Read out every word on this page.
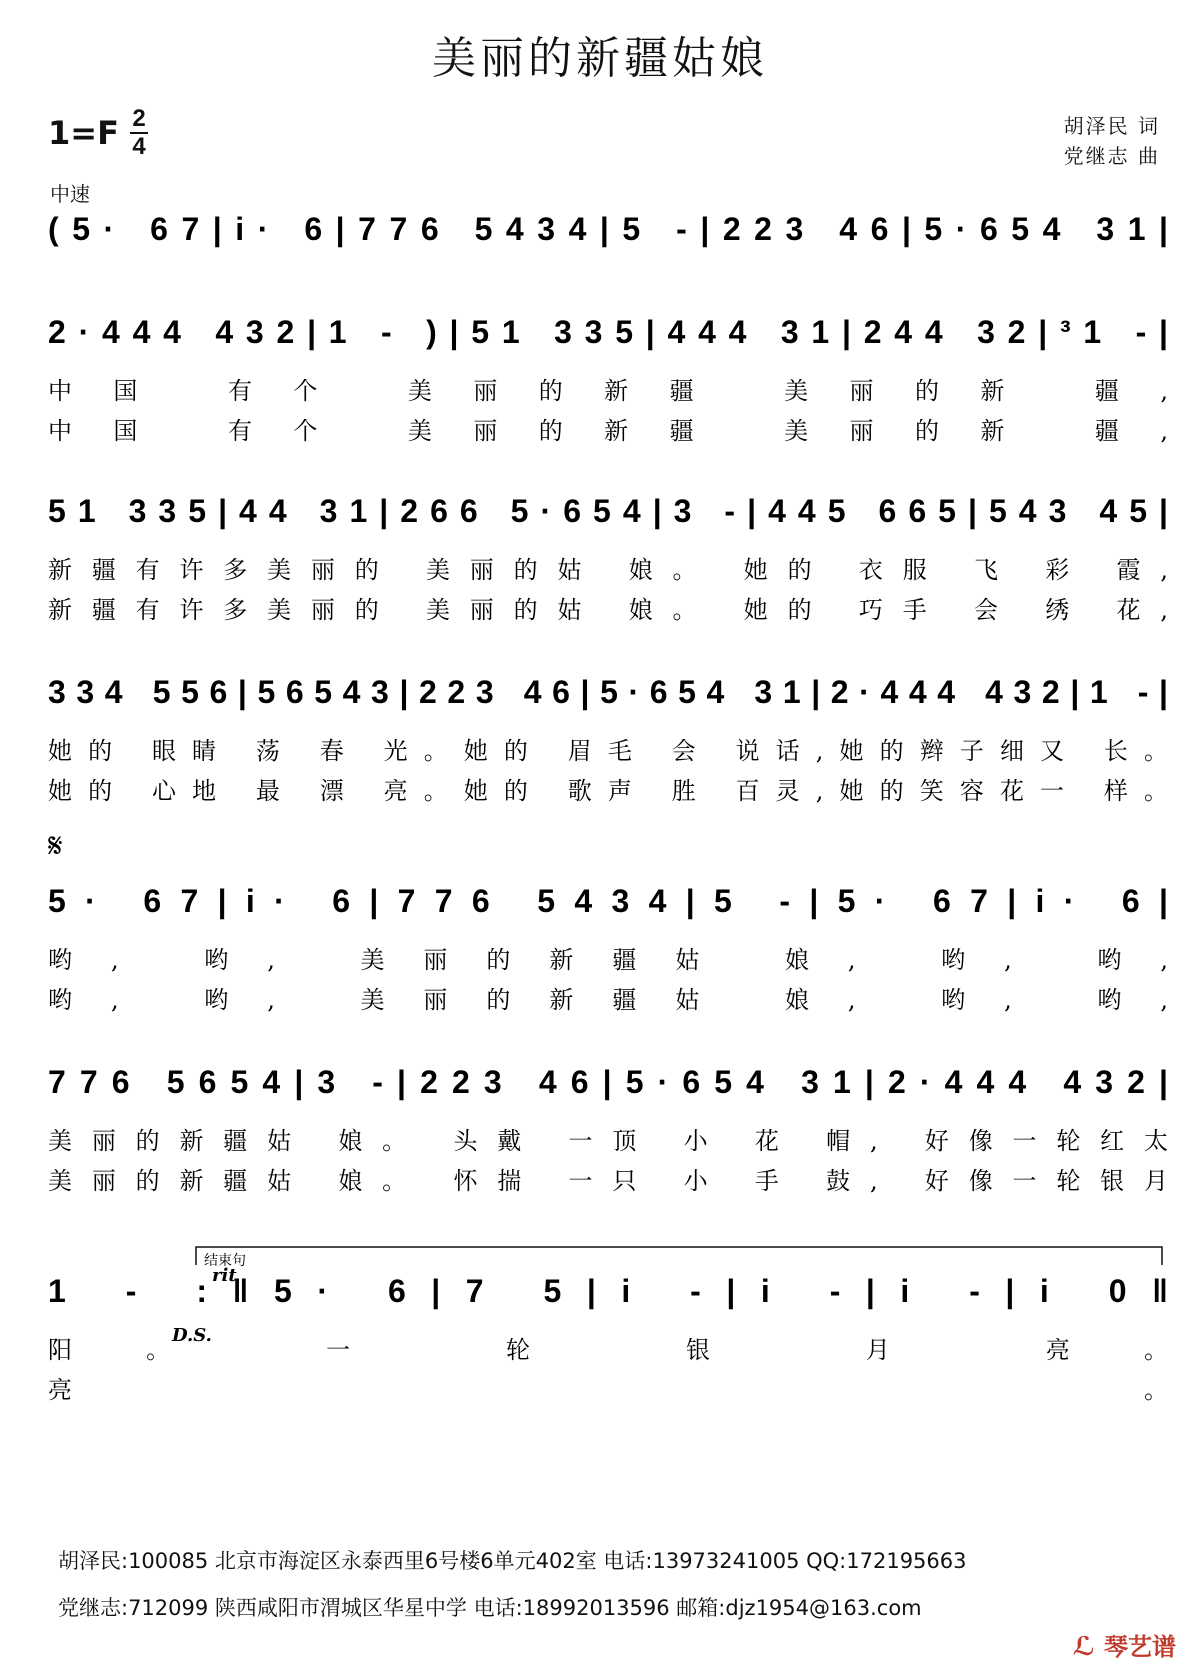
美丽的新疆姑娘
1=F 2
4
中速
胡泽民 词
党继志 曲
(5· 67|i· 6|776 5434|5 -|223 46|5·654 31|
2·444 432|1 - )|51 335|444 31|244 32|³1 -|
中国 有个 美丽的新疆 美丽的新 疆,
中国 有个 美丽的新疆 美丽的新 疆,
51 335|44 31|266 5·654|3 -|445 665|543 45|
新疆有许多美丽的 美丽的姑 娘。 她的 衣服 飞 彩 霞,
新疆有许多美丽的 美丽的姑 娘。 她的 巧手 会 绣 花,
334 556|56543|223 46|5·654 31|2·444 432|1 -|
她的 眼睛 荡 春 光。她的 眉毛 会 说话,她的辫子细又 长。
她的 心地 最 漂 亮。她的 歌声 胜 百灵,她的笑容花一 样。
𝄋
5· 67|i· 6|776 5434|5 -|5· 67|i· 6|
哟, 哟, 美丽的新疆姑 娘, 哟, 哟,
哟, 哟, 美丽的新疆姑 娘, 哟, 哟,
776 5654|3 -|223 46|5·654 31|2·444 432|
美丽的新疆姑 娘。 头戴 一顶 小 花 帽, 好像一轮红太
美丽的新疆姑 娘。 怀揣 一只 小 手 鼓, 好像一轮银月
结束句
rit
D.S.
1 - :‖5· 6|7 5|i -|i -|i -|i 0‖
阳。 一 轮 银 月 亮。
亮。
胡泽民:100085 北京市海淀区永泰西里6号楼6单元402室 电话:13973241005 QQ:172195663
党继志:712099 陕西咸阳市渭城区华星中学 电话:18992013596 邮箱:djz1954@163.com
ℒ 琴艺谱
